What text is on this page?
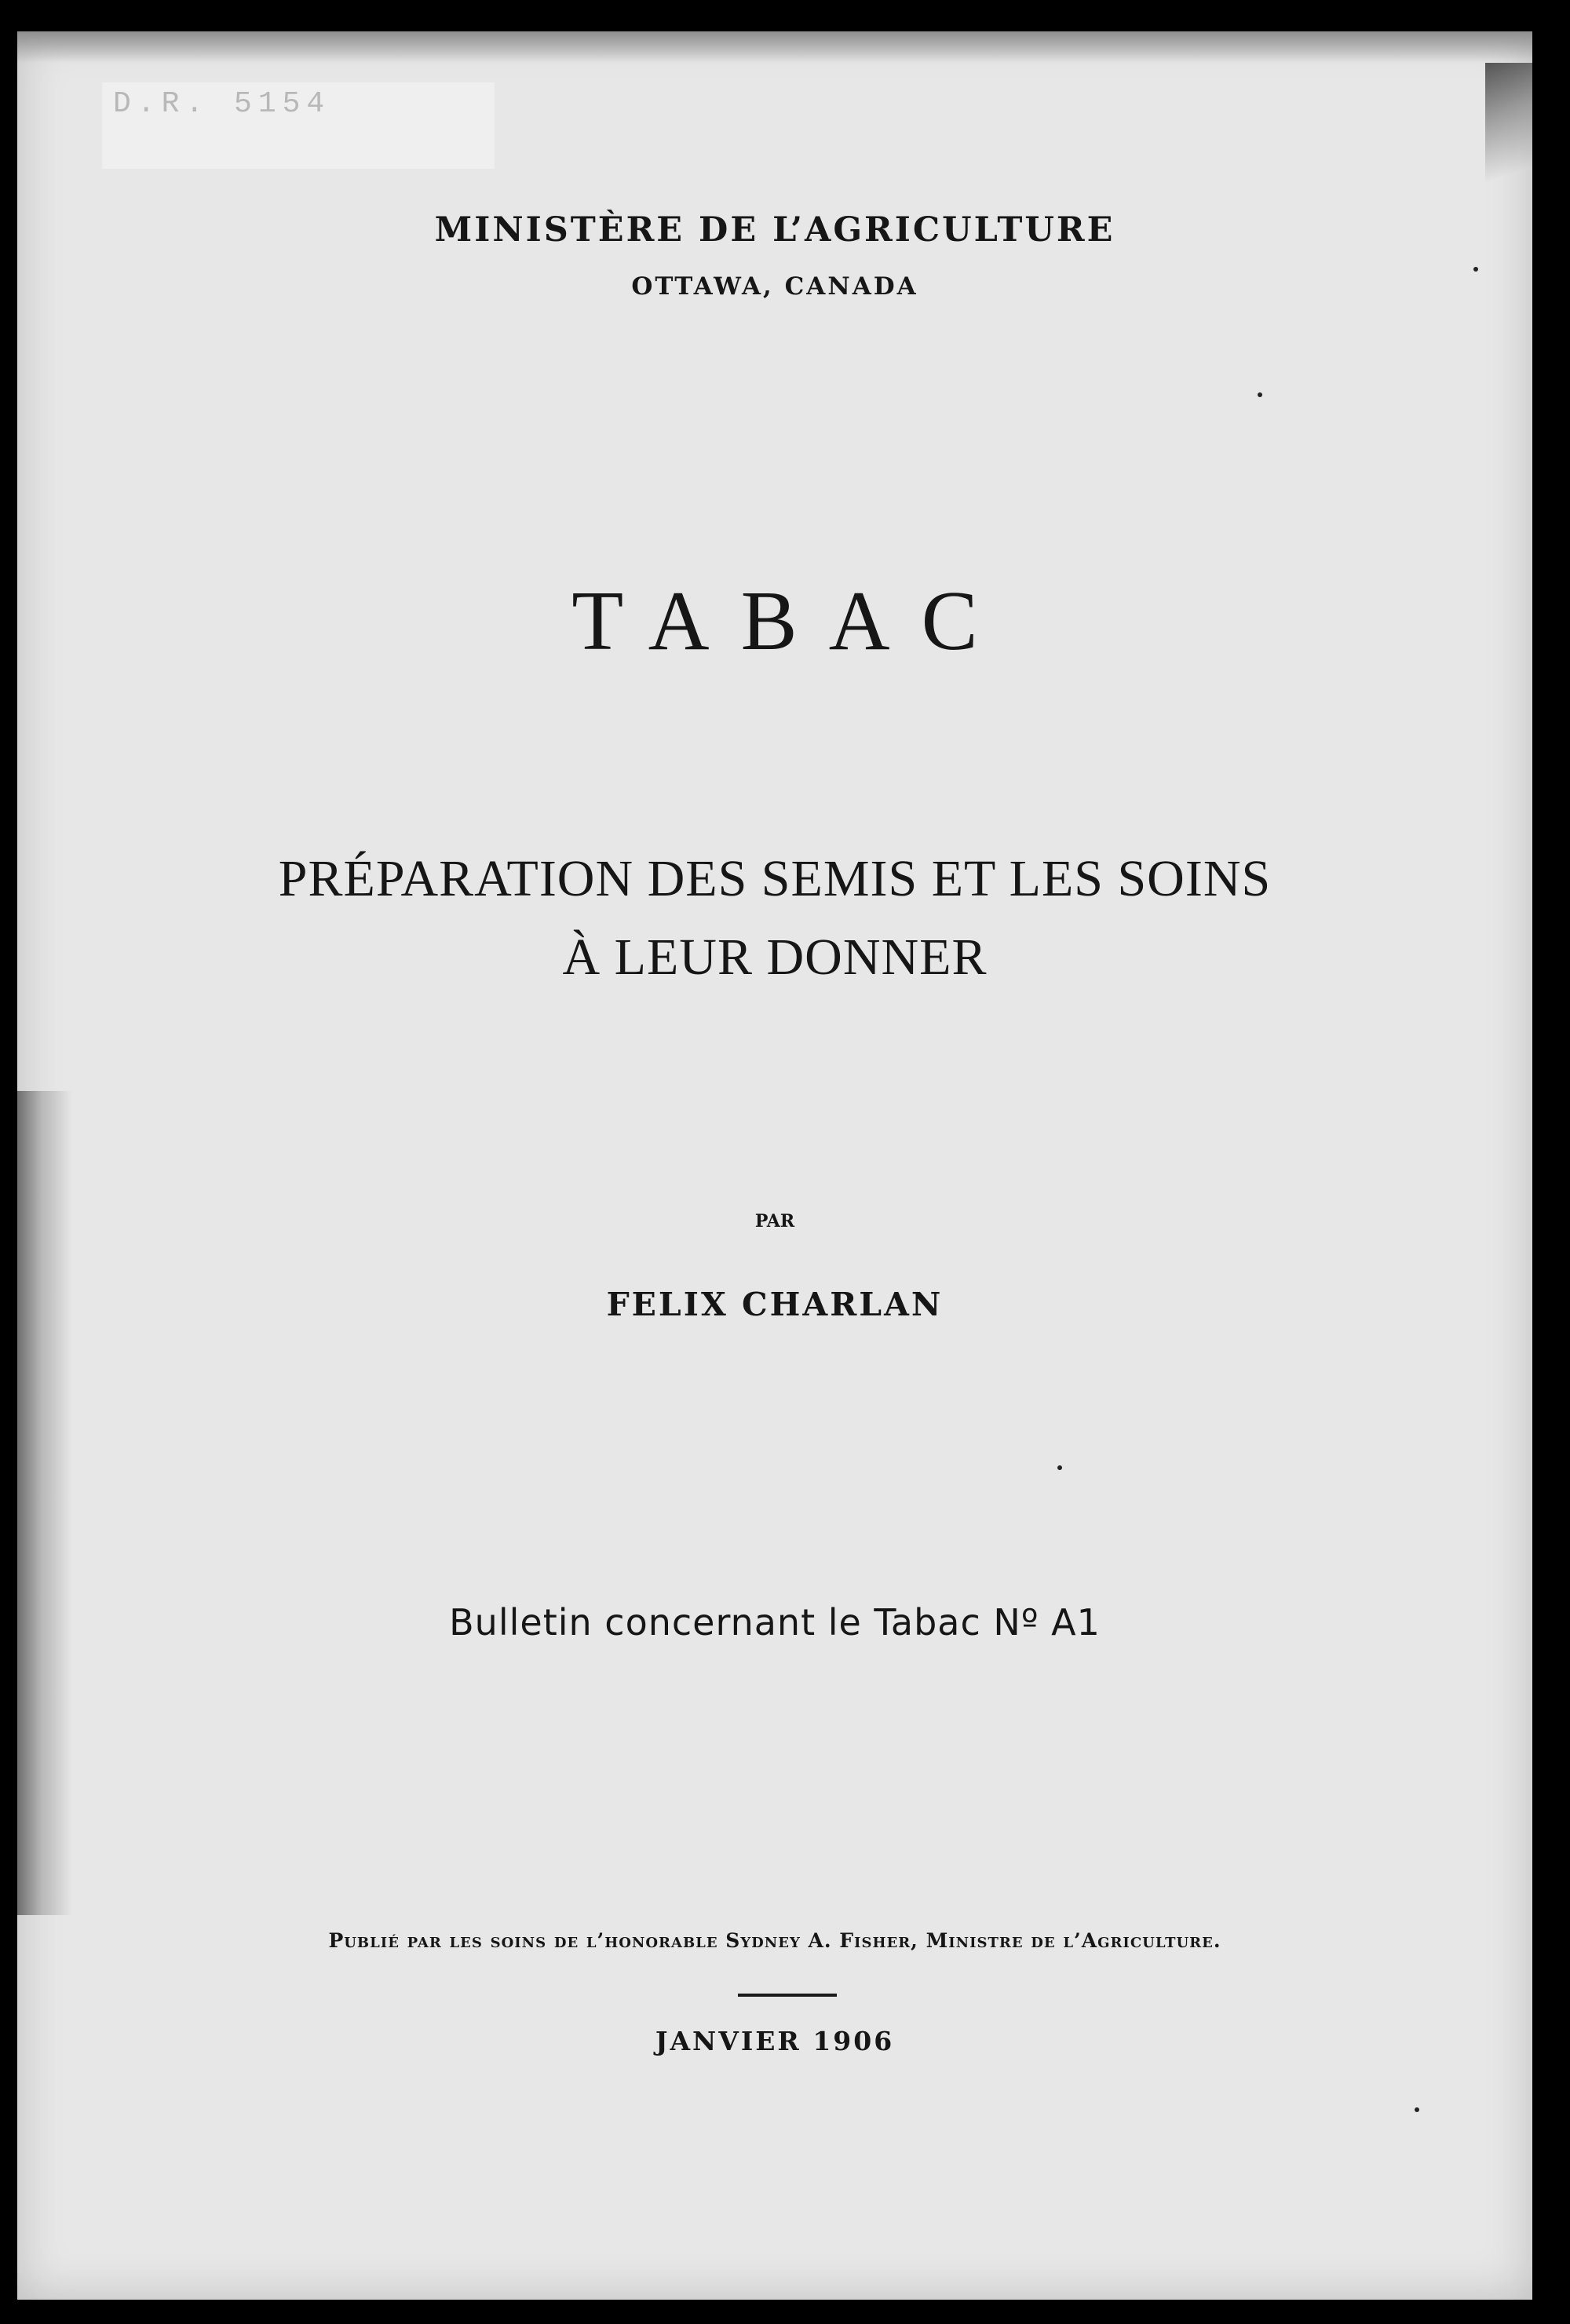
D.R. 5154
MINISTÈRE DE L’AGRICULTURE
OTTAWA, CANADA
TABAC
PRÉPARATION DES SEMIS ET LES SOINS
À LEUR DONNER
PAR
FELIX CHARLAN
Bulletin concernant le Tabac Nº A1
Publié par les soins de l’honorable Sydney A. Fisher, Ministre de l’Agriculture.
JANVIER 1906
